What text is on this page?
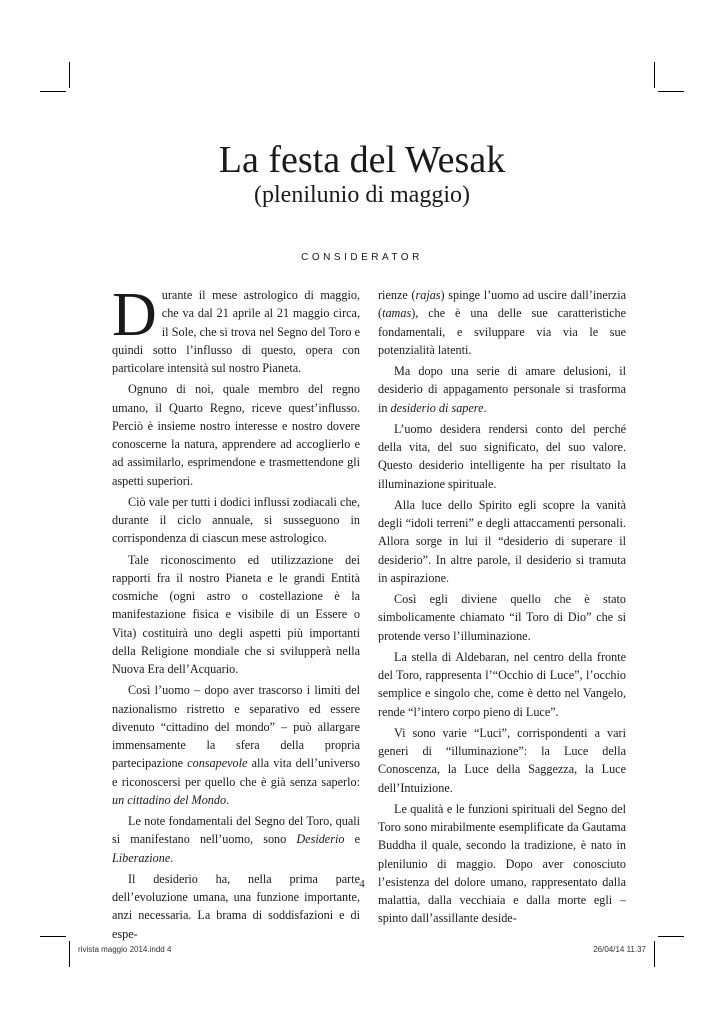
La festa del Wesak
(plenilunio di maggio)
CONSIDERATOR

Durante il mese astrologico di maggio, che va dal 21 aprile al 21 maggio circa, il Sole, che si trova nel Segno del Toro e quindi sotto l’influsso di questo, opera con particolare intensità sul nostro Pianeta.

Ognuno di noi, quale membro del regno umano, il Quarto Regno, riceve quest’influsso. Perciò è insieme nostro interesse e nostro dovere conoscerne la natura, apprendere ad accoglierlo e ad assimilarlo, esprimendone e trasmettendone gli aspetti superiori.

Ciò vale per tutti i dodici influssi zodiacali che, durante il ciclo annuale, si susseguono in corrispondenza di ciascun mese astrologico.

Tale riconoscimento ed utilizzazione dei rapporti fra il nostro Pianeta e le grandi Entità cosmiche (ogni astro o costellazione è la manifestazione fisica e visibile di un Essere o Vita) costituirà uno degli aspetti più importanti della Religione mondiale che si svilupperà nella Nuova Era dell’Acquario.

Così l’uomo – dopo aver trascorso i limiti del nazionalismo ristretto e separativo ed essere divenuto “cittadino del mondo” – può allargare immensamente la sfera della propria partecipazione consapevole alla vita dell’universo e riconoscersi per quello che è già senza saperlo: un cittadino del Mondo.

Le note fondamentali del Segno del Toro, quali si manifestano nell’uomo, sono Desiderio e Liberazione.

Il desiderio ha, nella prima parte dell’evoluzione umana, una funzione importante, anzi necessaria. La brama di soddisfazioni e di espe-

rienze (rajas) spinge l’uomo ad uscire dall’inerzia (tamas), che è una delle sue caratteristiche fondamentali, e sviluppare via via le sue potenzialità latenti.

Ma dopo una serie di amare delusioni, il desiderio di appagamento personale si trasforma in desiderio di sapere.

L’uomo desidera rendersi conto del perché della vita, del suo significato, del suo valore. Questo desiderio intelligente ha per risultato la illuminazione spirituale.

Alla luce dello Spirito egli scopre la vanità degli “idoli terreni” e degli attaccamenti personali. Allora sorge in lui il “desiderio di superare il desiderio”. In altre parole, il desiderio si tramuta in aspirazione.

Così egli diviene quello che è stato simbolicamente chiamato “il Toro di Dio” che si protende verso l’illuminazione.

La stella di Aldebaran, nel centro della fronte del Toro, rappresenta l’“Occhio di Luce”, l’occhio semplice e singolo che, come è detto nel Vangelo, rende “l’intero corpo pieno di Luce”.

Vi sono varie “Luci”, corrispondenti a vari generi di “illuminazione”: la Luce della Conoscenza, la Luce della Saggezza, la Luce dell’Intuizione.

Le qualità e le funzioni spirituali del Segno del Toro sono mirabilmente esemplificate da Gautama Buddha il quale, secondo la tradizione, è nato in plenilunio di maggio. Dopo aver conosciuto l’esistenza del dolore umano, rappresentato dalla malattia, dalla vecchiaia e dalla morte egli – spinto dall’assillante deside-

4
rivista maggio 2014.indd 4	26/04/14 11.37
